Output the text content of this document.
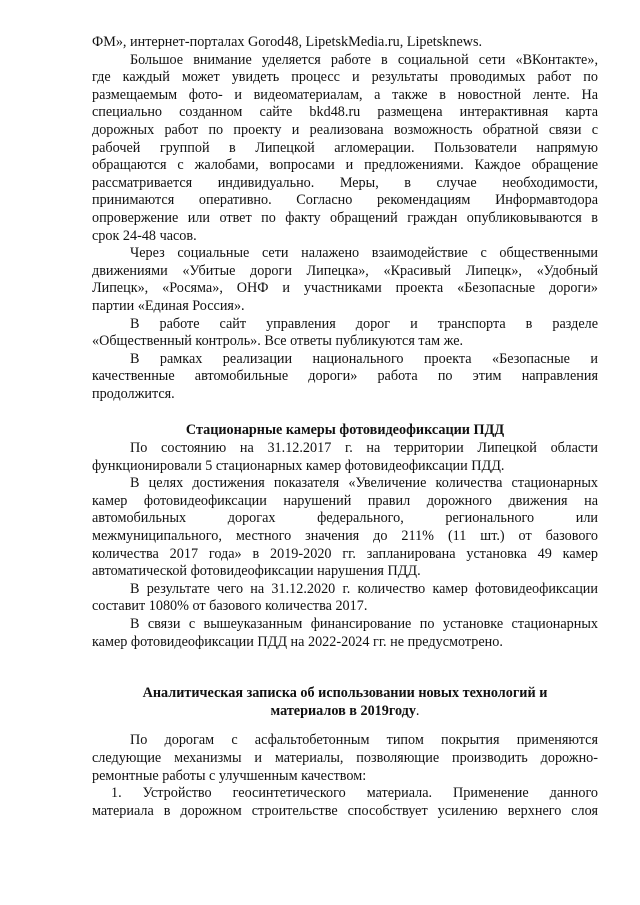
ФМ», интернет-порталах Gorod48, LipetskMedia.ru, Lipetsknews.
Большое внимание уделяется работе в социальной сети «ВКонтакте»,
где каждый может увидеть процесс и результаты проводимых работ по
размещаемым фото- и видеоматериалам, а также в новостной ленте. На
специально созданном сайте bkd48.ru размещена интерактивная карта
дорожных работ по проекту и реализована возможность обратной связи с
рабочей группой в Липецкой агломерации. Пользователи напрямую
обращаются с жалобами, вопросами и предложениями. Каждое обращение
рассматривается индивидуально. Меры, в случае необходимости,
принимаются оперативно. Согласно рекомендациям Информавтодора
опровержение или ответ по факту обращений граждан опубликовываются в
срок 24-48 часов.
Через социальные сети налажено взаимодействие с общественными
движениями «Убитые дороги Липецка», «Красивый Липецк», «Удобный
Липецк», «Росяма», ОНФ и участниками проекта «Безопасные дороги»
партии «Единая Россия».
В работе сайт управления дорог и транспорта в разделе
«Общественный контроль». Все ответы публикуются там же.
В рамках реализации национального проекта «Безопасные и
качественные автомобильные дороги» работа по этим направления
продолжится.
Стационарные камеры фотовидеофиксации ПДД
По состоянию на 31.12.2017 г. на территории Липецкой области
функционировали 5 стационарных камер фотовидеофиксации ПДД.
В целях достижения показателя «Увеличение количества стационарных
камер фотовидеофиксации нарушений правил дорожного движения на
автомобильных дорогах федерального, регионального или
межмуниципального, местного значения до 211% (11 шт.) от базового
количества 2017 года» в 2019-2020 гг. запланирована установка 49 камер
автоматической фотовидеофиксации нарушения ПДД.
В результате чего на 31.12.2020 г. количество камер фотовидеофиксации
составит 1080% от базового количества 2017.
В связи с вышеуказанным финансирование по установке стационарных
камер фотовидеофиксации ПДД на 2022-2024 гг. не предусмотрено.
Аналитическая записка об использовании новых технологий и
материалов в 2019году.
По дорогам с асфальтобетонным типом покрытия применяются
следующие механизмы и материалы, позволяющие производить дорожно-
ремонтные работы с улучшенным качеством:
1. Устройство геосинтетического материала. Применение данного
материала в дорожном строительстве способствует усилению верхнего слоя
